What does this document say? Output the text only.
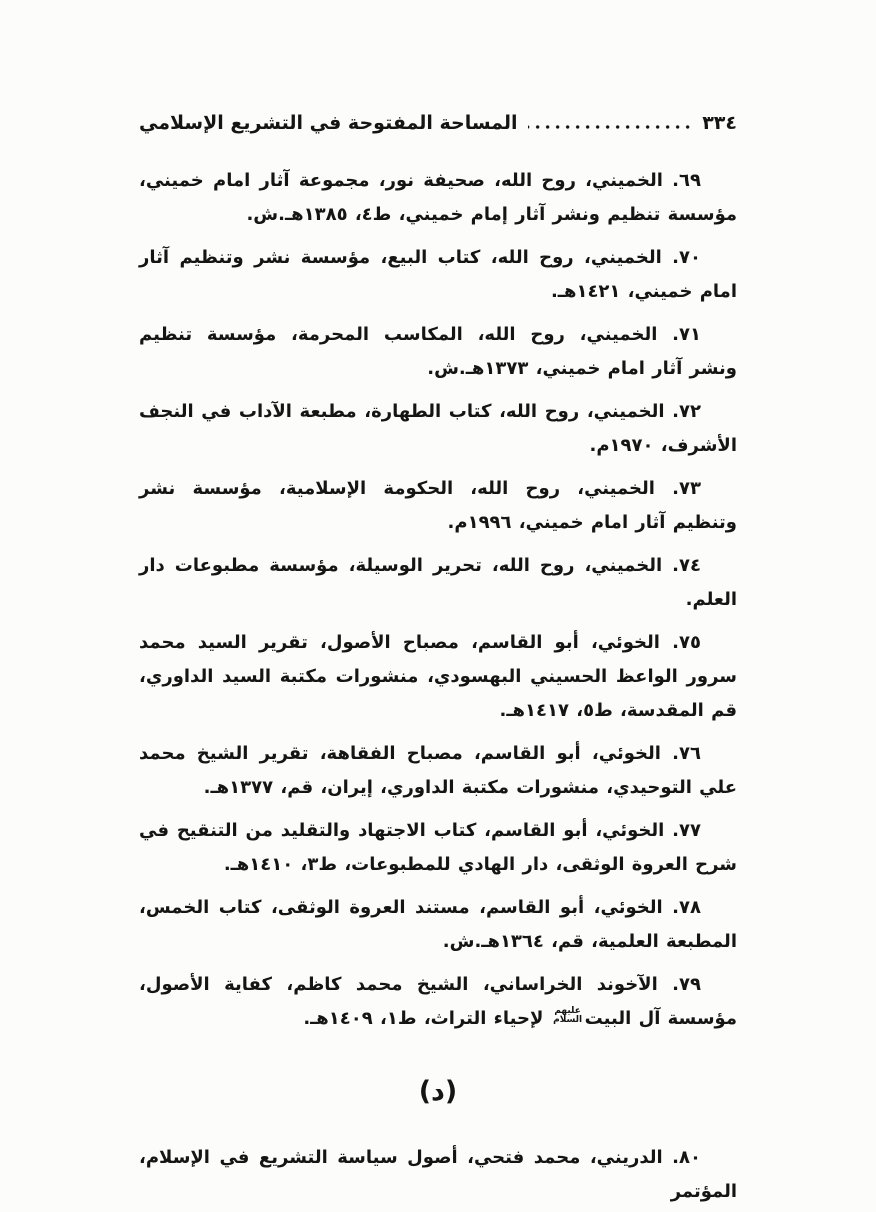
٣٣٤
المساحة المفتوحة في التشريع الإسلامي

٦٩. الخميني، روح الله، صحيفة نور، مجموعة آثار امام خميني، مؤسسة تنظيم ونشر آثار إمام خميني، ط٤، ١٣٨٥هـ.ش.

٧٠. الخميني، روح الله، كتاب البيع، مؤسسة نشر وتنظيم آثار امام خميني، ١٤٢١هـ.

٧١. الخميني، روح الله، المكاسب المحرمة، مؤسسة تنظيم ونشر آثار امام خميني، ١٣٧٣هـ.ش.

٧٢. الخميني، روح الله، كتاب الطهارة، مطبعة الآداب في النجف الأشرف، ١٩٧٠م.

٧٣. الخميني، روح الله، الحكومة الإسلامية، مؤسسة نشر وتنظيم آثار امام خميني، ١٩٩٦م.

٧٤. الخميني، روح الله، تحرير الوسيلة، مؤسسة مطبوعات دار العلم.

٧٥. الخوئي، أبو القاسم، مصباح الأصول، تقرير السيد محمد سرور الواعظ الحسيني البهسودي، منشورات مكتبة السيد الداوري، قم المقدسة، ط٥، ١٤١٧هـ.

٧٦. الخوئي، أبو القاسم، مصباح الفقاهة، تقرير الشيخ محمد علي التوحيدي، منشورات مكتبة الداوري، إيران، قم، ١٣٧٧هـ.

٧٧. الخوئي، أبو القاسم، كتاب الاجتهاد والتقليد من التنقيح في شرح العروة الوثقى، دار الهادي للمطبوعات، ط٣، ١٤١٠هـ.

٧٨. الخوئي، أبو القاسم، مستند العروة الوثقى، كتاب الخمس، المطبعة العلمية، قم، ١٣٦٤هـ.ش.

٧٩. الآخوند الخراساني، الشيخ محمد كاظم، كفاية الأصول، مؤسسة آل البيتعليهم السلام لإحياء التراث، ط١، ١٤٠٩هـ.

(د)

٨٠. الدريني، محمد فتحي، أصول سياسة التشريع في الإسلام، المؤتمر
